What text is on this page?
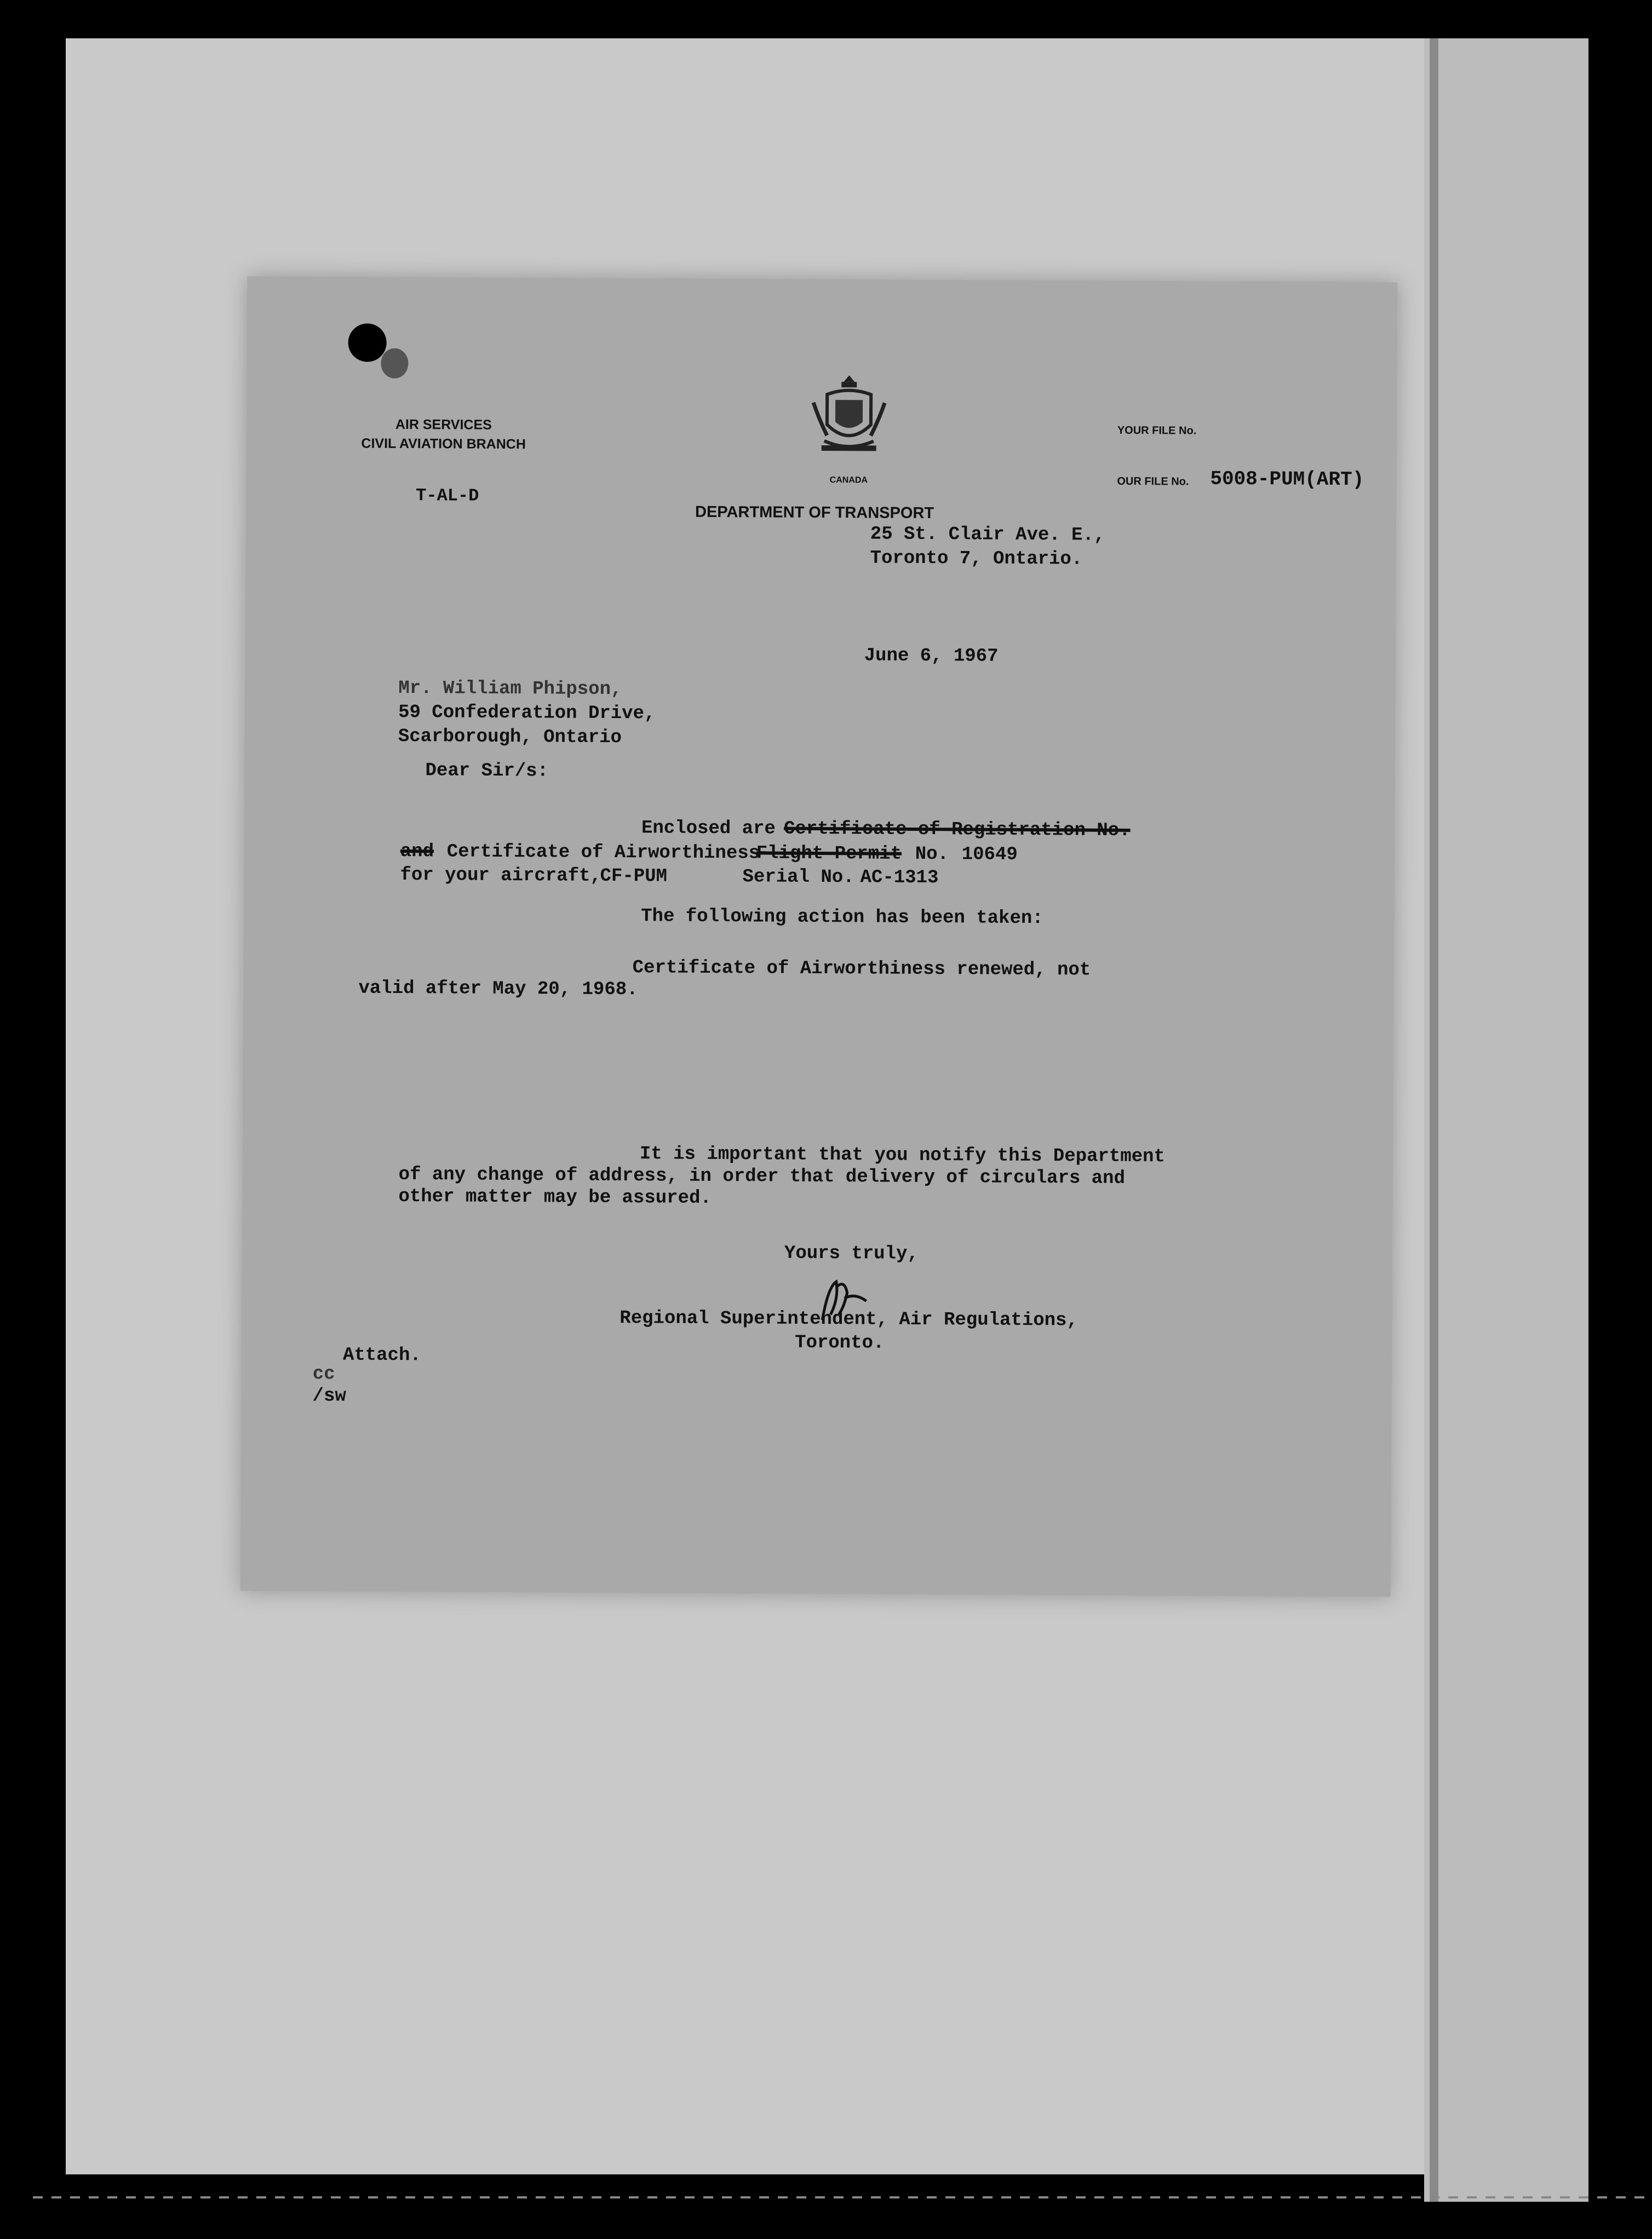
AIR SERVICES
CIVIL AVIATION BRANCH
CANADA
YOUR FILE No.
OUR FILE No. 5008-PUM(ART)
T-AL-D
DEPARTMENT OF TRANSPORT
25 St. Clair Ave. E.,
Toronto 7, Ontario.
June 6, 1967
Mr. William Phipson,
59 Confederation Drive,
Scarborough, Ontario
Dear Sir/s:
Enclosed are Certificate of Registration No.
and Certificate of Airworthiness
Flight Permit No. 10649
for your aircraft,
CF-PUM	Serial No. AC-1313
The following action has been taken:
Certificate of Airworthiness renewed, not
valid after May 20, 1968.
It is important that you notify this Department
of any change of address, in order that delivery of circulars and
other matter may be assured.
Yours truly,
Regional Superintendent, Air Regulations,
Toronto.
Attach.
cc
/sw
